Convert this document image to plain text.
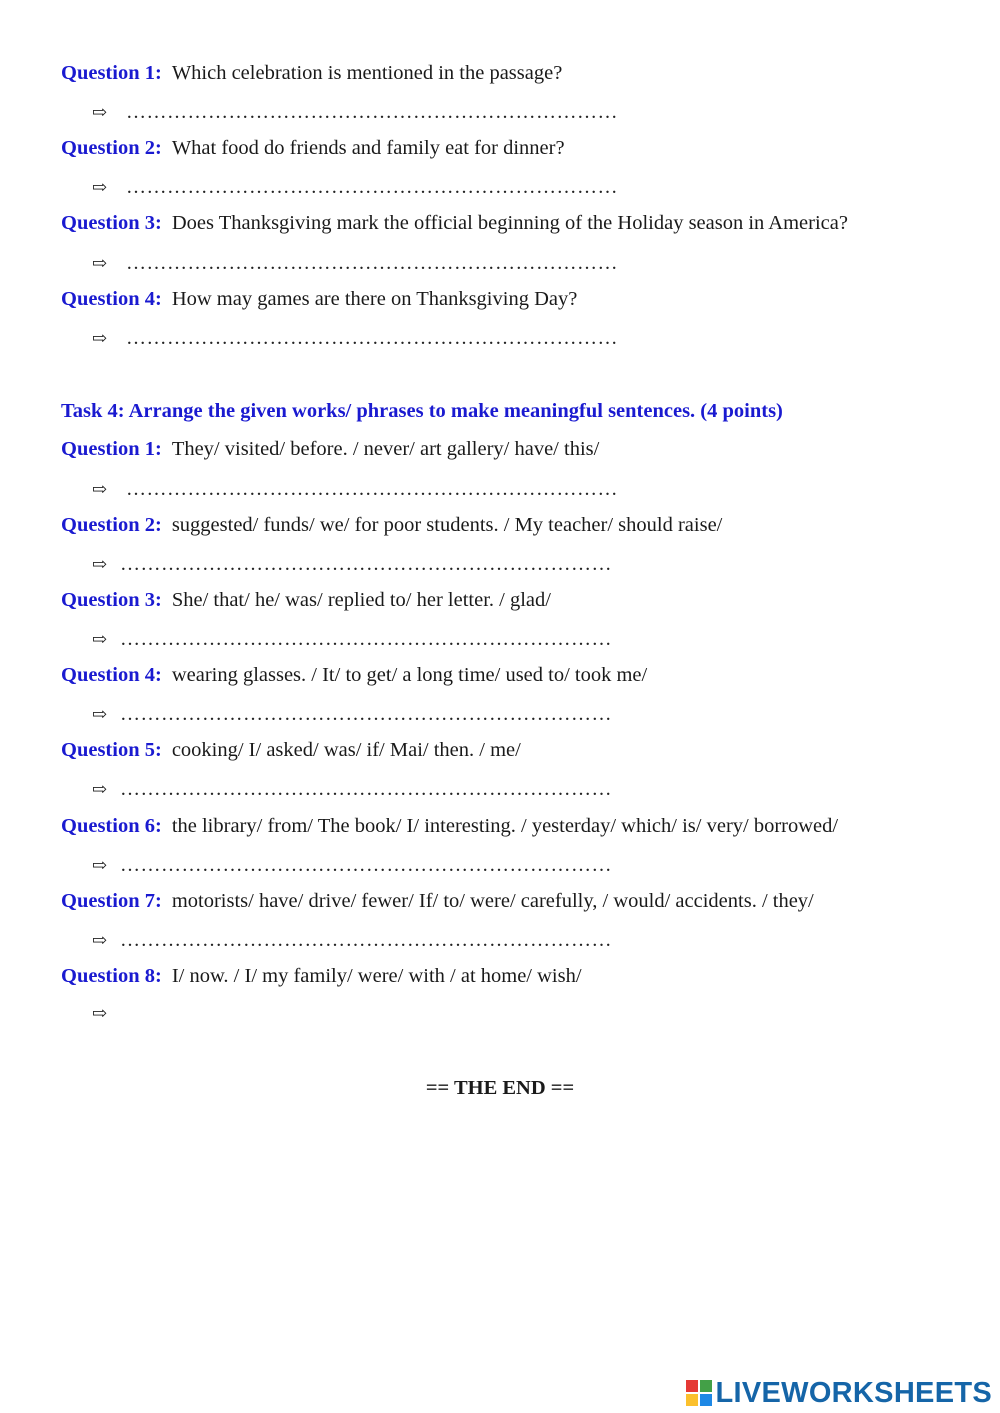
Question 1: Which celebration is mentioned in the passage?
⇨ ………………………………………………………………
Question 2: What food do friends and family eat for dinner?
⇨ ………………………………………………………………
Question 3: Does Thanksgiving mark the official beginning of the Holiday season in America?
⇨ ………………………………………………………………
Question 4: How may games are there on Thanksgiving Day?
⇨ ………………………………………………………………
Task 4: Arrange the given works/ phrases to make meaningful sentences. (4 points)
Question 1: They/ visited/ before. / never/ art gallery/ have/ this/
⇨ ………………………………………………………………
Question 2: suggested/ funds/ we/ for poor students. / My teacher/ should raise/
⇨ ………………………………………………………………
Question 3: She/ that/ he/ was/ replied to/ her letter. / glad/
⇨ ………………………………………………………………
Question 4: wearing glasses. / It/ to get/ a long time/ used to/ took me/
⇨ ………………………………………………………………
Question 5: cooking/ I/ asked/ was/ if/ Mai/ then. / me/
⇨ ………………………………………………………………
Question 6: the library/ from/ The book/ I/ interesting. / yesterday/ which/ is/ very/ borrowed/
⇨ ………………………………………………………………
Question 7: motorists/ have/ drive/ fewer/ If/ to/ were/ carefully, / would/ accidents. / they/
⇨ ………………………………………………………………
Question 8: I/ now. / I/ my family/ were/ with / at home/ wish/
⇨
== THE END ==
LIVEWORKSHEETS
